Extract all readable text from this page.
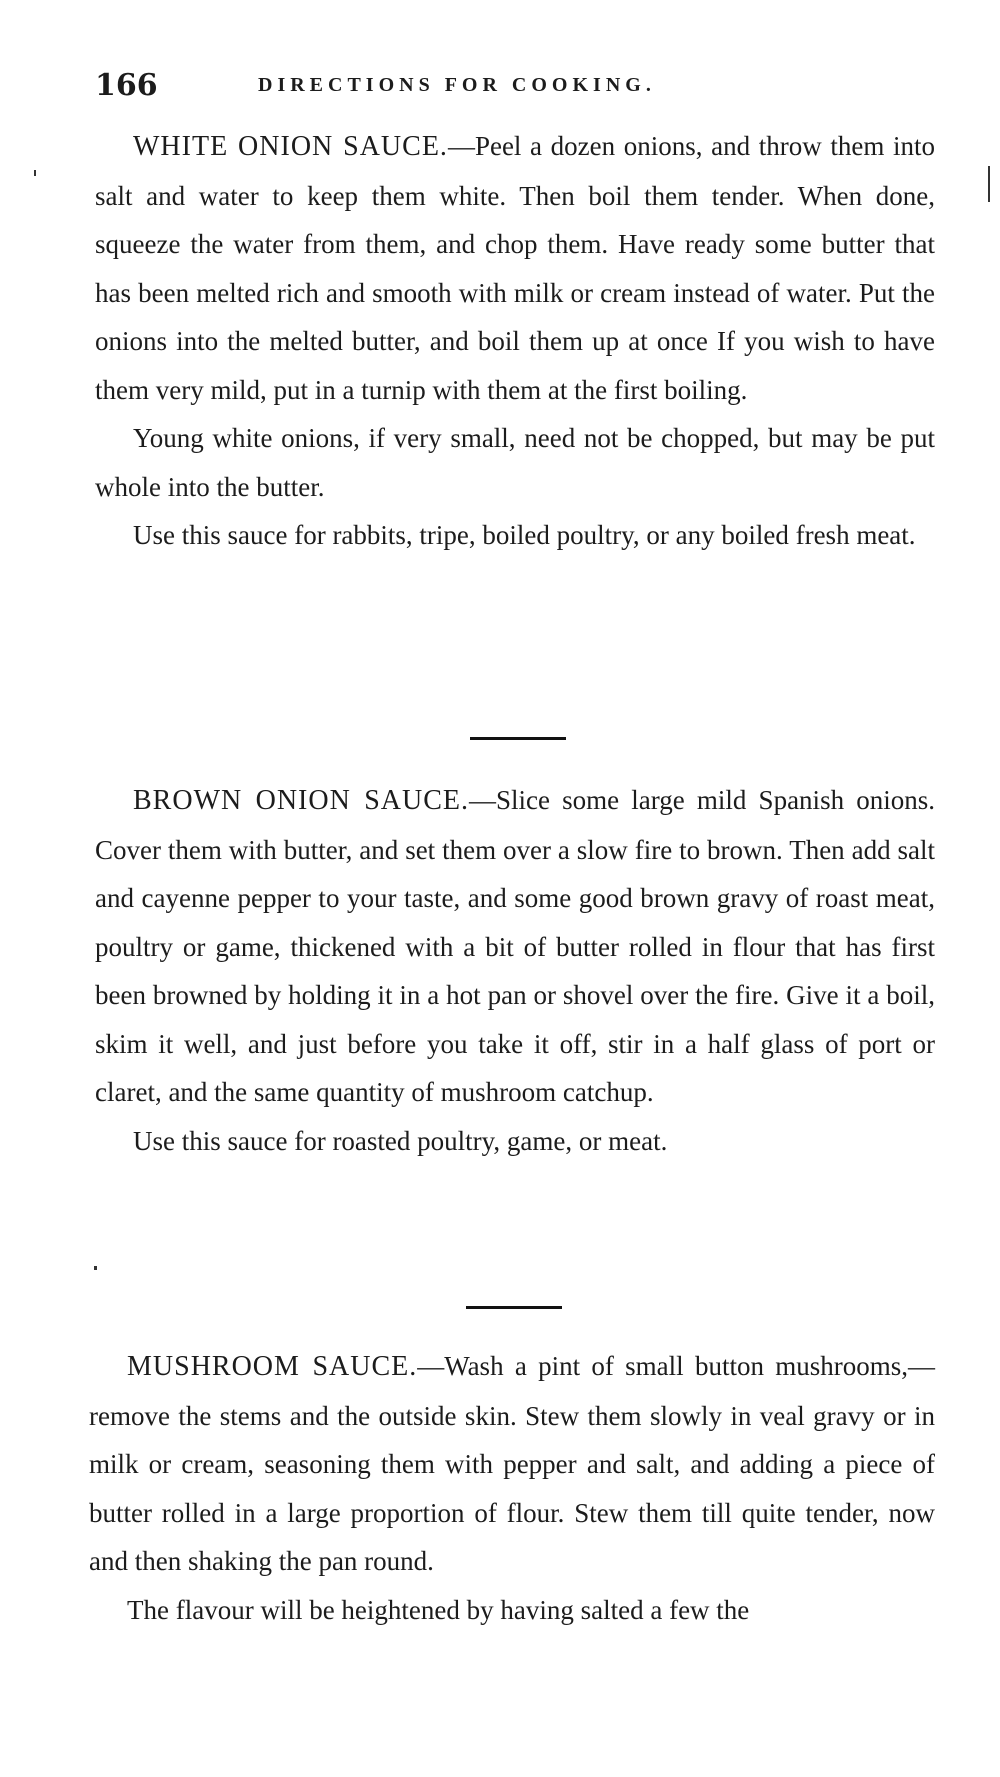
166	DIRECTIONS FOR COOKING.

WHITE ONION SAUCE.—Peel a dozen onions, and throw them into salt and water to keep them white. Then boil them tender. When done, squeeze the water from them, and chop them. Have ready some butter that has been melted rich and smooth with milk or cream instead of water. Put the onions into the melted butter, and boil them up at once If you wish to have them very mild, put in a turnip with them at the first boiling.

Young white onions, if very small, need not be chopped, but may be put whole into the butter.

Use this sauce for rabbits, tripe, boiled poultry, or any boiled fresh meat.

BROWN ONION SAUCE.—Slice some large mild Spanish onions. Cover them with butter, and set them over a slow fire to brown. Then add salt and cayenne pepper to your taste, and some good brown gravy of roast meat, poultry or game, thickened with a bit of butter rolled in flour that has first been browned by holding it in a hot pan or shovel over the fire. Give it a boil, skim it well, and just before you take it off, stir in a half glass of port or claret, and the same quantity of mushroom catchup.

Use this sauce for roasted poultry, game, or meat.

MUSHROOM SAUCE.—Wash a pint of small button mushrooms,—remove the stems and the outside skin. Stew them slowly in veal gravy or in milk or cream, seasoning them with pepper and salt, and adding a piece of butter rolled in a large proportion of flour. Stew them till quite tender, now and then shaking the pan round.

The flavour will be heightened by having salted a few the
